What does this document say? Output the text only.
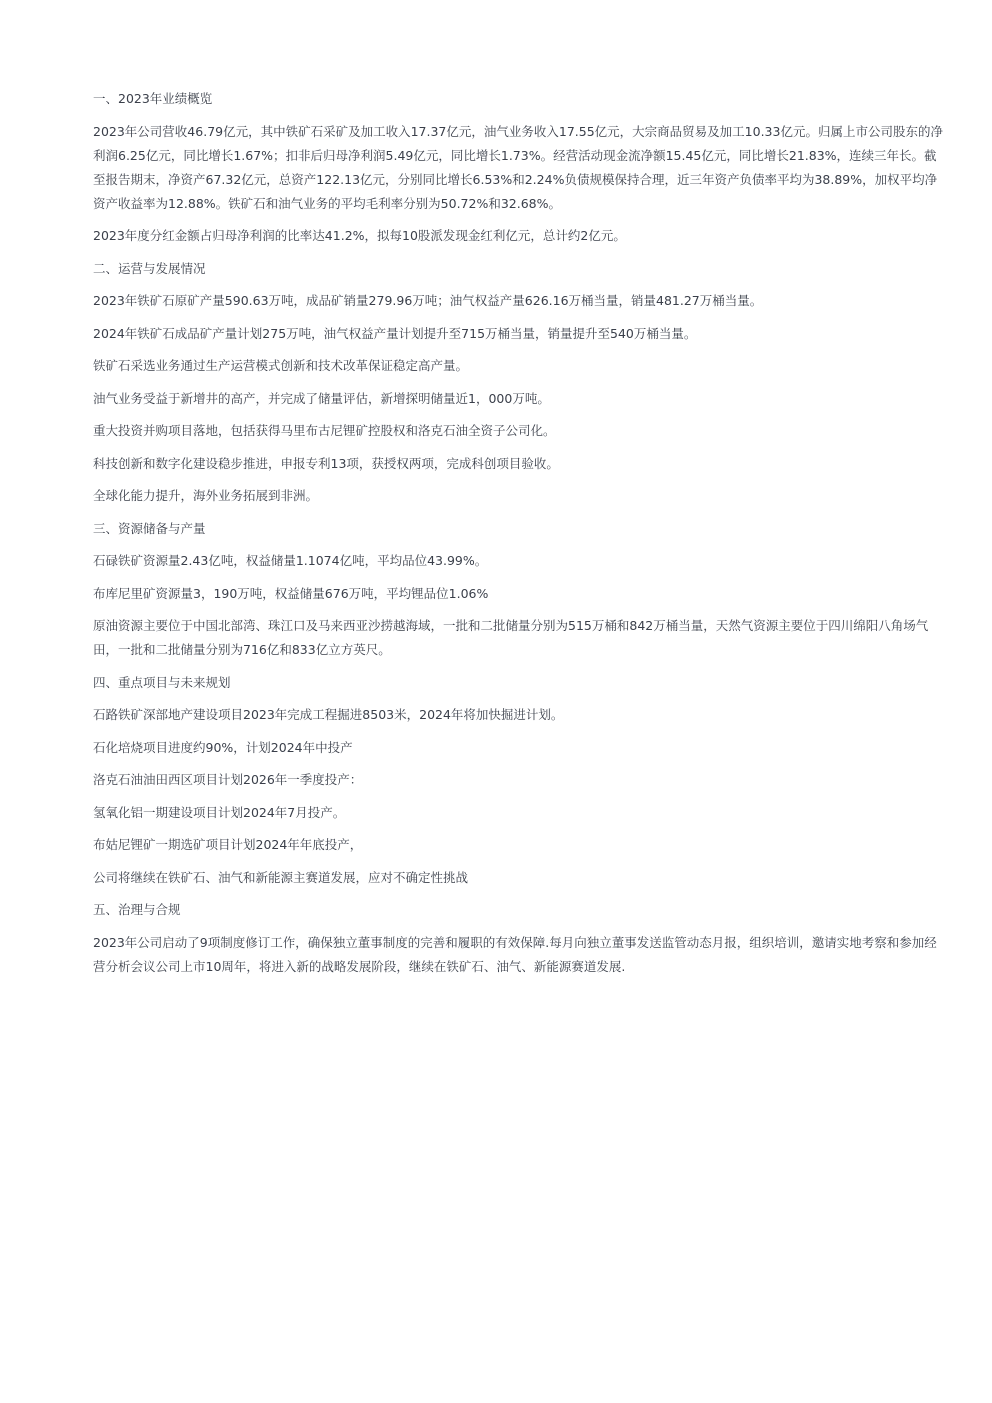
一、2023年业绩概览

2023年公司营收46.79亿元，其中铁矿石采矿及加工收入17.37亿元，油气业务收入17.55亿元，大宗商品贸易及加工10.33亿元。归属上市公司股东的净利润6.25亿元，同比增长1.67%；扣非后归母净利润5.49亿元，同比增长1.73%。经营活动现金流净额15.45亿元，同比增长21.83%，连续三年长。截至报告期末，净资产67.32亿元，总资产122.13亿元，分别同比增长6.53%和2.24%负债规模保持合理，近三年资产负债率平均为38.89%，加权平均净资产收益率为12.88%。铁矿石和油气业务的平均毛利率分别为50.72%和32.68%。

2023年度分红金额占归母净利润的比率达41.2%，拟每10股派发现金红利亿元，总计约2亿元。

二、运营与发展情况

2023年铁矿石原矿产量590.63万吨，成品矿销量279.96万吨；油气权益产量626.16万桶当量，销量481.27万桶当量。

2024年铁矿石成品矿产量计划275万吨，油气权益产量计划提升至715万桶当量，销量提升至540万桶当量。

铁矿石采选业务通过生产运营模式创新和技术改革保证稳定高产量。

油气业务受益于新增井的高产，并完成了储量评估，新增探明储量近1，000万吨。

重大投资并购项目落地，包括获得马里布古尼锂矿控股权和洛克石油全资子公司化。

科技创新和数字化建设稳步推进，申报专利13项，获授权两项，完成科创项目验收。

全球化能力提升，海外业务拓展到非洲。

三、资源储备与产量

石碌铁矿资源量2.43亿吨，权益储量1.1074亿吨，平均品位43.99%。

布库尼里矿资源量3，190万吨，权益储量676万吨，平均锂品位1.06%

原油资源主要位于中国北部湾、珠江口及马来西亚沙捞越海域，一批和二批储量分别为515万桶和842万桶当量，天然气资源主要位于四川绵阳八角场气田，一批和二批储量分别为716亿和833亿立方英尺。

四、重点项目与未来规划

石路铁矿深部地产建设项目2023年完成工程掘进8503米，2024年将加快掘进计划。

石化培烧项目进度约90%，计划2024年中投产

洛克石油油田西区项目计划2026年一季度投产：

氢氧化铝一期建设项目计划2024年7月投产。

布姑尼锂矿一期选矿项目计划2024年年底投产，

公司将继续在铁矿石、油气和新能源主赛道发展，应对不确定性挑战

五、治理与合规

2023年公司启动了9项制度修订工作，确保独立董事制度的完善和履职的有效保障.每月向独立董事发送监管动态月报，组织培训，邀请实地考察和参加经营分析会议公司上市10周年，将进入新的战略发展阶段，继续在铁矿石、油气、新能源赛道发展.
